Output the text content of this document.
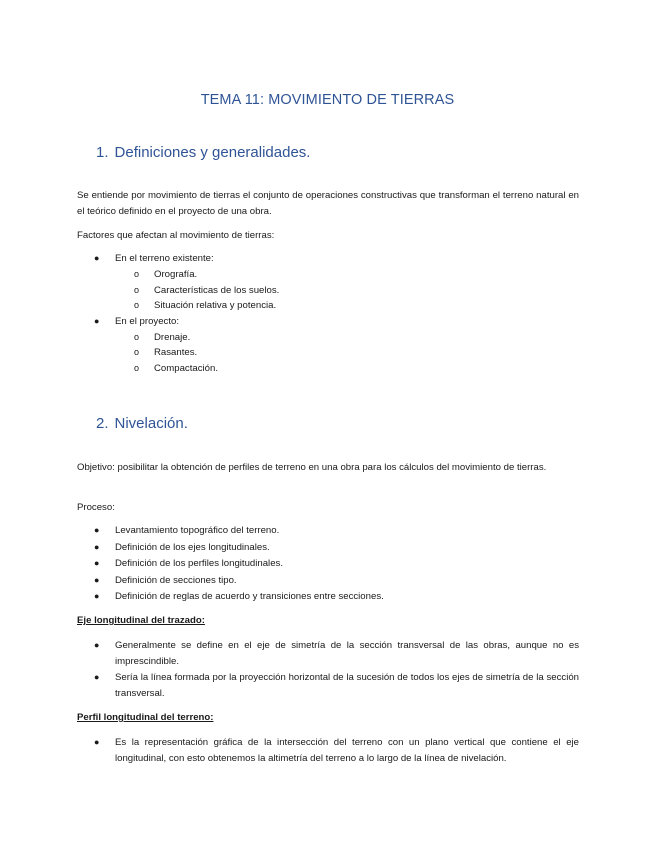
TEMA 11: MOVIMIENTO DE TIERRAS
1. Definiciones y generalidades.
Se entiende por movimiento de tierras el conjunto de operaciones constructivas que transforman el terreno natural en el teórico definido en el proyecto de una obra.
Factores que afectan al movimiento de tierras:
● En el terreno existente:
o Orografía.
o Características de los suelos.
o Situación relativa y potencia.
● En el proyecto:
o Drenaje.
o Rasantes.
o Compactación.
2. Nivelación.
Objetivo: posibilitar la obtención de perfiles de terreno en una obra para los cálculos del movimiento de tierras.
Proceso:
● Levantamiento topográfico del terreno.
● Definición de los ejes longitudinales.
● Definición de los perfiles longitudinales.
● Definición de secciones tipo.
● Definición de reglas de acuerdo y transiciones entre secciones.
Eje longitudinal del trazado:
● Generalmente se define en el eje de simetría de la sección transversal de las obras, aunque no es imprescindible.
● Sería la línea formada por la proyección horizontal de la sucesión de todos los ejes de simetría de la sección transversal.
Perfil longitudinal del terreno:
● Es la representación gráfica de la intersección del terreno con un plano vertical que contiene el eje longitudinal, con esto obtenemos la altimetría del terreno a lo largo de la línea de nivelación.
